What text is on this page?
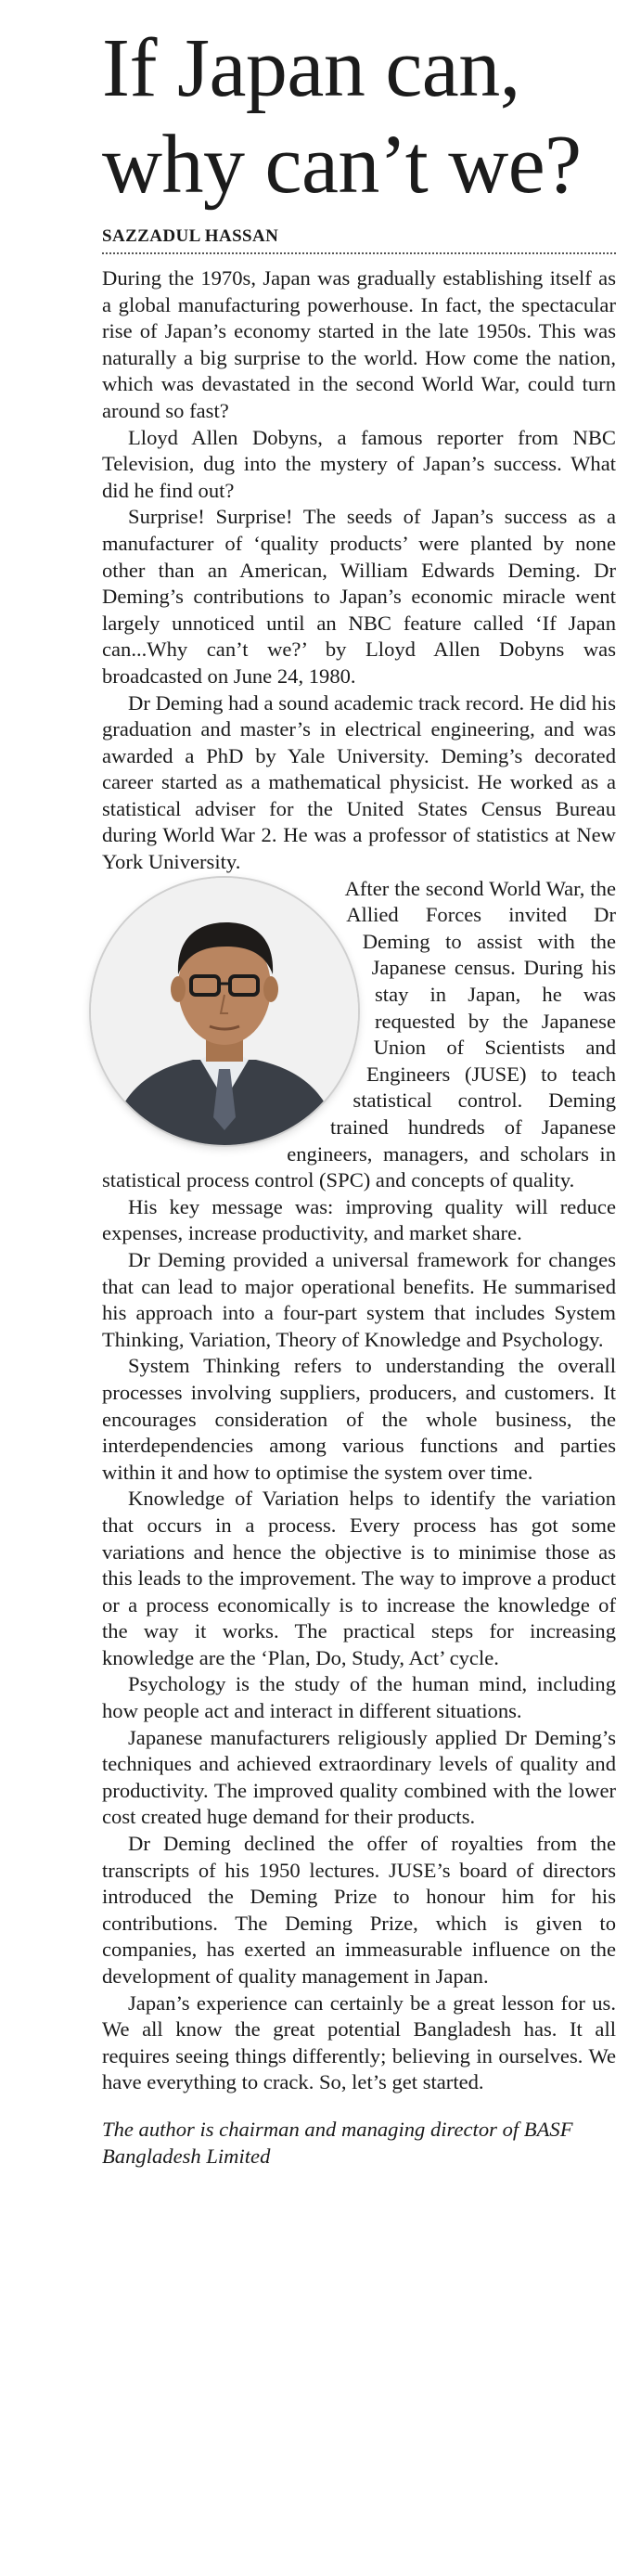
If Japan can,
why can’t we?
SAZZADUL HASSAN

During the 1970s, Japan was gradually establishing itself as a global manufacturing powerhouse. In fact, the spectacular rise of Japan’s economy started in the late 1950s. This was naturally a big surprise to the world. How come the nation, which was devastated in the second World War, could turn around so fast?

Lloyd Allen Dobyns, a famous reporter from NBC Television, dug into the mystery of Japan’s success. What did he find out?

Surprise! Surprise! The seeds of Japan’s success as a manufacturer of ‘quality products’ were planted by none other than an American, William Edwards Deming. Dr Deming’s contributions to Japan’s economic miracle went largely unnoticed until an NBC feature called ‘If Japan can...Why can’t we?’ by Lloyd Allen Dobyns was broadcasted on June 24, 1980.

Dr Deming had a sound academic track record. He did his graduation and master’s in electrical engineering, and was awarded a PhD by Yale University. Deming’s decorated career started as a mathematical physicist. He worked as a statistical adviser for the United States Census Bureau during World War 2. He was a professor of statistics at New York University.

After the second World War, the Allied Forces invited Dr Deming to assist with the Japanese census. During his stay in Japan, he was requested by the Japanese Union of Scientists and Engineers (JUSE) to teach statistical control. Deming trained hundreds of Japanese engineers, managers, and scholars in statistical process control (SPC) and concepts of quality.

His key message was: improving quality will reduce expenses, increase productivity, and market share.

Dr Deming provided a universal framework for changes that can lead to major operational benefits. He summarised his approach into a four-part system that includes System Thinking, Variation, Theory of Knowledge and Psychology.

System Thinking refers to understanding the overall processes involving suppliers, producers, and customers. It encourages consideration of the whole business, the interdependencies among various functions and parties within it and how to optimise the system over time.

Knowledge of Variation helps to identify the variation that occurs in a process. Every process has got some variations and hence the objective is to minimise those as this leads to the improvement. The way to improve a product or a process economically is to increase the knowledge of the way it works. The practical steps for increasing knowledge are the ‘Plan, Do, Study, Act’ cycle.

Psychology is the study of the human mind, including how people act and interact in different situations.

Japanese manufacturers religiously applied Dr Deming’s techniques and achieved extraordinary levels of quality and productivity. The improved quality combined with the lower cost created huge demand for their products.

Dr Deming declined the offer of royalties from the transcripts of his 1950 lectures. JUSE’s board of directors introduced the Deming Prize to honour him for his contributions. The Deming Prize, which is given to companies, has exerted an immeasurable influence on the development of quality management in Japan.

Japan’s experience can certainly be a great lesson for us. We all know the great potential Bangladesh has. It all requires seeing things differently; believing in ourselves. We have everything to crack. So, let’s get started.

The author is chairman and managing director of BASF Bangladesh Limited
